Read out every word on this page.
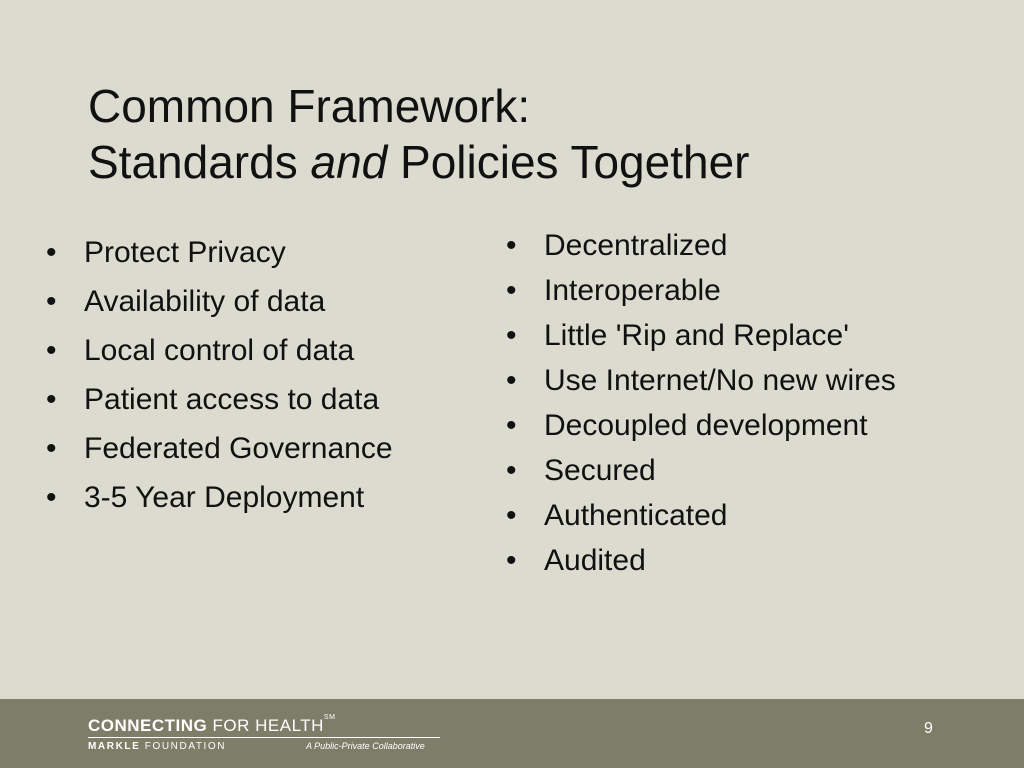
Common Framework:
Standards and Policies Together
• Protect Privacy
• Availability of data
• Local control of data
• Patient access to data
• Federated Governance
• 3-5 Year Deployment
• Decentralized
• Interoperable
• Little 'Rip and Replace'
• Use Internet/No new wires
• Decoupled development
• Secured
• Authenticated
• Audited
CONNECTING FOR HEALTH℠
MARKLE FOUNDATION	A Public-Private Collaborative
9
